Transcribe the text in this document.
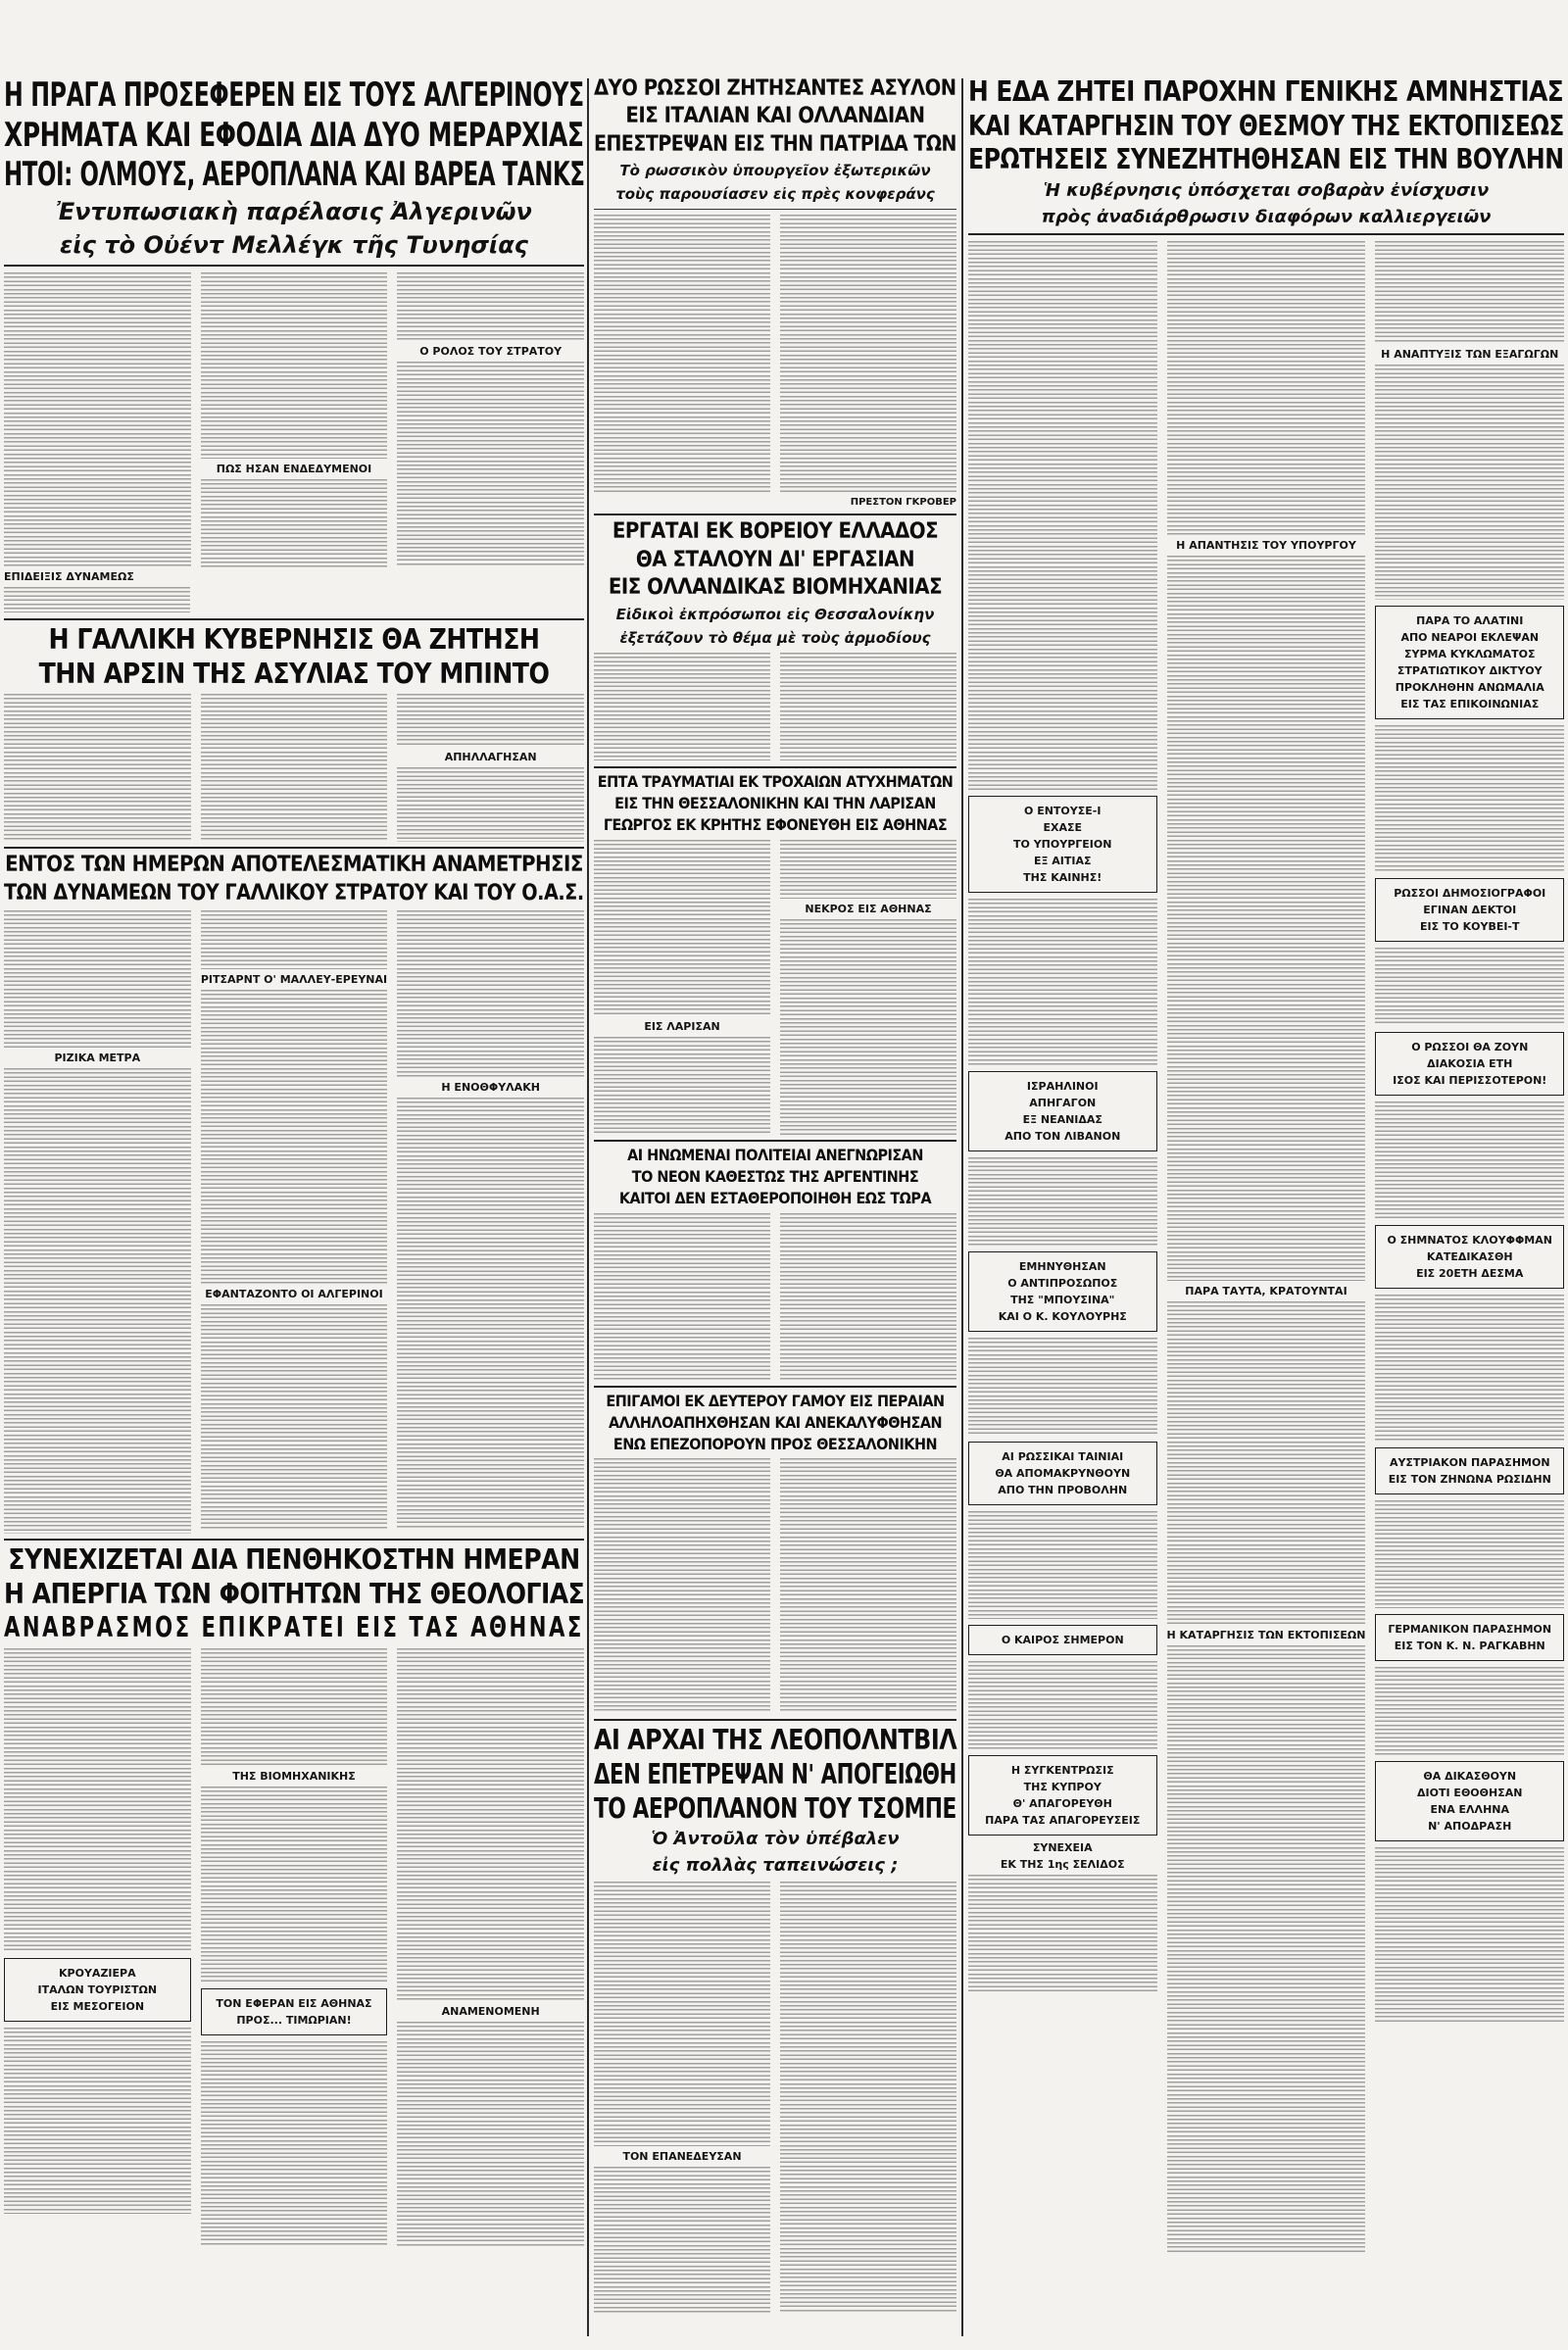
Η ΠΡΑΓΑ ΠΡΟΣΕΦΕΡΕΝ ΕΙΣ ΤΟΥΣ ΑΛΓΕΡΙΝΟΥΣ
ΧΡΗΜΑΤΑ ΚΑΙ ΕΦΟΔΙΑ ΔΙΑ ΔΥΟ ΜΕΡΑΡΧΙΑΣ
ΗΤΟΙ: ΟΛΜΟΥΣ, ΑΕΡΟΠΛΑΝΑ ΚΑΙ ΒΑΡΕΑ ΤΑΝΚΣ
Ἐντυπωσιακὴ παρέλασις Ἀλγερινῶν
εἰς τὸ Οὐέντ Μελλέγκ τῆς Τυνησίας
ΠΩΣ ΗΣΑΝ ΕΝΔΕΔΥΜΕΝΟΙ
Ο ΡΟΛΟΣ ΤΟΥ ΣΤΡΑΤΟΥ
ΕΠΙΔΕΙΞΙΣ ΔΥΝΑΜΕΩΣ
Η ΓΑΛΛΙΚΗ ΚΥΒΕΡΝΗΣΙΣ ΘΑ ΖΗΤΗΣΗ
ΤΗΝ ΑΡΣΙΝ ΤΗΣ ΑΣΥΛΙΑΣ ΤΟΥ ΜΠΙΝΤΟ
ΑΠΗΛΛΑΓΗΣΑΝ
ΕΝΤΟΣ ΤΩΝ ΗΜΕΡΩΝ ΑΠΟΤΕΛΕΣΜΑΤΙΚΗ ΑΝΑΜΕΤΡΗΣΙΣ
ΤΩΝ ΔΥΝΑΜΕΩΝ ΤΟΥ ΓΑΛΛΙΚΟΥ ΣΤΡΑΤΟΥ ΚΑΙ ΤΟΥ Ο.Α.Σ.
ΡΙΖΙΚΑ ΜΕΤΡΑ
ΡΙΤΣΑΡΝΤ Ο' ΜΑΛΛΕΥ-ΕΡΕΥΝΑΙ
ΕΦΑΝΤΑΖΟΝΤΟ ΟΙ ΑΛΓΕΡΙΝΟΙ
Η ΕΝΟΘΦΥΛΑΚΗ
ΣΥΝΕΧΙΖΕΤΑΙ ΔΙΑ ΠΕΝΘΗΚΟΣΤΗΝ ΗΜΕΡΑΝ
Η ΑΠΕΡΓΙΑ ΤΩΝ ΦΟΙΤΗΤΩΝ ΤΗΣ ΘΕΟΛΟΓΙΑΣ
ΑΝΑΒΡΑΣΜΟΣ ΕΠΙΚΡΑΤΕΙ ΕΙΣ ΤΑΣ ΑΘΗΝΑΣ
ΚΡΟΥΑΖΙΕΡΑ
ΙΤΑΛΩΝ ΤΟΥΡΙΣΤΩΝ
ΕΙΣ ΜΕΣΟΓΕΙΟΝ
ΤΗΣ ΒΙΟΜΗΧΑΝΙΚΗΣ
ΤΟΝ ΕΦΕΡΑΝ ΕΙΣ ΑΘΗΝΑΣ
ΠΡΟΣ... ΤΙΜΩΡΙΑΝ!
ΑΝΑΜΕΝΟΜΕΝΗ
ΔΥΟ ΡΩΣΣΟΙ ΖΗΤΗΣΑΝΤΕΣ ΑΣΥΛΟΝ
ΕΙΣ ΙΤΑΛΙΑΝ ΚΑΙ ΟΛΛΑΝΔΙΑΝ
ΕΠΕΣΤΡΕΨΑΝ ΕΙΣ ΤΗΝ ΠΑΤΡΙΔΑ ΤΩΝ
Τὸ ρωσσικὸν ὑπουργεῖον ἐξωτερικῶν
τοὺς παρουσίασεν εἰς πρὲς κονφεράνς
ΠΡΕΣΤΟΝ ΓΚΡΟΒΕΡ
ΕΡΓΑΤΑΙ ΕΚ ΒΟΡΕΙΟΥ ΕΛΛΑΔΟΣ
ΘΑ ΣΤΑΛΟΥΝ ΔΙ' ΕΡΓΑΣΙΑΝ
ΕΙΣ ΟΛΛΑΝΔΙΚΑΣ ΒΙΟΜΗΧΑΝΙΑΣ
Εἰδικοὶ ἐκπρόσωποι εἰς Θεσσαλονίκην
ἐξετάζουν τὸ θέμα μὲ τοὺς ἁρμοδίους
ΕΠΤΑ ΤΡΑΥΜΑΤΙΑΙ ΕΚ ΤΡΟΧΑΙΩΝ ΑΤΥΧΗΜΑΤΩΝ
ΕΙΣ ΤΗΝ ΘΕΣΣΑΛΟΝΙΚΗΝ ΚΑΙ ΤΗΝ ΛΑΡΙΣΑΝ
ΓΕΩΡΓΟΣ ΕΚ ΚΡΗΤΗΣ ΕΦΟΝΕΥΘΗ ΕΙΣ ΑΘΗΝΑΣ
ΕΙΣ ΛΑΡΙΣΑΝ
ΝΕΚΡΟΣ ΕΙΣ ΑΘΗΝΑΣ
ΑΙ ΗΝΩΜΕΝΑΙ ΠΟΛΙΤΕΙΑΙ ΑΝΕΓΝΩΡΙΣΑΝ
ΤΟ ΝΕΟΝ ΚΑΘΕΣΤΩΣ ΤΗΣ ΑΡΓΕΝΤΙΝΗΣ
ΚΑΙΤΟΙ ΔΕΝ ΕΣΤΑΘΕΡΟΠΟΙΗΘΗ ΕΩΣ ΤΩΡΑ
ΕΠΙΓΑΜΟΙ ΕΚ ΔΕΥΤΕΡΟΥ ΓΑΜΟΥ ΕΙΣ ΠΕΡΑΙΑΝ
ΑΛΛΗΛΟΑΠΗΧΘΗΣΑΝ ΚΑΙ ΑΝΕΚΑΛΥΦΘΗΣΑΝ
ΕΝΩ ΕΠΕΖΟΠΟΡΟΥΝ ΠΡΟΣ ΘΕΣΣΑΛΟΝΙΚΗΝ
ΑΙ ΑΡΧΑΙ ΤΗΣ ΛΕΟΠΟΛΝΤΒΙΛ
ΔΕΝ ΕΠΕΤΡΕΨΑΝ Ν' ΑΠΟΓΕΙΩΘΗ
ΤΟ ΑΕΡΟΠΛΑΝΟΝ ΤΟΥ ΤΣΟΜΠΕ
Ὁ Ἀντοῦλα τὸν ὑπέβαλεν
εἰς πολλὰς ταπεινώσεις ;
ΤΟΝ ΕΠΑΝΕΔΕΥΣΑΝ
Η ΕΔΑ ΖΗΤΕΙ ΠΑΡΟΧΗΝ ΓΕΝΙΚΗΣ ΑΜΝΗΣΤΙΑΣ
ΚΑΙ ΚΑΤΑΡΓΗΣΙΝ ΤΟΥ ΘΕΣΜΟΥ ΤΗΣ ΕΚΤΟΠΙΣΕΩΣ
ΕΡΩΤΗΣΕΙΣ ΣΥΝΕΖΗΤΗΘΗΣΑΝ ΕΙΣ ΤΗΝ ΒΟΥΛΗΝ
Ἡ κυβέρνησις ὑπόσχεται σοβαρὰν ἐνίσχυσιν
πρὸς ἀναδιάρθρωσιν διαφόρων καλλιεργειῶν
Ο ΕΝΤΟΥΣΕ-Ι
ΕΧΑΣΕ
ΤΟ ΥΠΟΥΡΓΕΙΟΝ
ΕΞ ΑΙΤΙΑΣ
ΤΗΣ ΚΑΙΝΗΣ!
ΙΣΡΑΗΛΙΝΟΙ
ΑΠΗΓΑΓΟΝ
ΕΞ ΝΕΑΝΙΔΑΣ
ΑΠΟ ΤΟΝ ΛΙΒΑΝΟΝ
ΕΜΗΝΥΘΗΣΑΝ
Ο ΑΝΤΙΠΡΟΣΩΠΟΣ
ΤΗΣ "ΜΠΟΥΣΙΝΑ"
ΚΑΙ Ο Κ. ΚΟΥΛΟΥΡΗΣ
ΑΙ ΡΩΣΣΙΚΑΙ ΤΑΙΝΙΑΙ
ΘΑ ΑΠΟΜΑΚΡΥΝΘΟΥΝ
ΑΠΟ ΤΗΝ ΠΡΟΒΟΛΗΝ
Ο ΚΑΙΡΟΣ ΣΗΜΕΡΟΝ
Η ΣΥΓΚΕΝΤΡΩΣΙΣ
ΤΗΣ ΚΥΠΡΟΥ
Θ' ΑΠΑΓΟΡΕΥΘΗ
ΠΑΡΑ ΤΑΣ ΑΠΑΓΟΡΕΥΣΕΙΣ
ΣΥΝΕΧΕΙΑ
ΕΚ ΤΗΣ 1ης ΣΕΛΙΔΟΣ
Η ΑΠΑΝΤΗΣΙΣ ΤΟΥ ΥΠΟΥΡΓΟΥ
ΠΑΡΑ ΤΑΥΤΑ, ΚΡΑΤΟΥΝΤΑΙ
Η ΚΑΤΑΡΓΗΣΙΣ ΤΩΝ ΕΚΤΟΠΙΣΕΩΝ
Η ΑΝΑΠΤΥΞΙΣ ΤΩΝ ΕΞΑΓΩΓΩΝ
ΠΑΡΑ ΤΟ ΑΛΑΤΙΝΙ
ΑΠΟ ΝΕΑΡΟΙ ΕΚΛΕΨΑΝ
ΣΥΡΜΑ ΚΥΚΛΩΜΑΤΟΣ
ΣΤΡΑΤΙΩΤΙΚΟΥ ΔΙΚΤΥΟΥ
ΠΡΟΚΛΗΘΗΝ ΑΝΩΜΑΛΙΑ
ΕΙΣ ΤΑΣ ΕΠΙΚΟΙΝΩΝΙΑΣ
ΡΩΣΣΟΙ ΔΗΜΟΣΙΟΓΡΑΦΟΙ
ΕΓΙΝΑΝ ΔΕΚΤΟΙ
ΕΙΣ ΤΟ ΚΟΥΒΕΙ-Τ
Ο ΡΩΣΣΟΙ ΘΑ ΖΟΥΝ
ΔΙΑΚΟΣΙΑ ΕΤΗ
ΙΣΟΣ ΚΑΙ ΠΕΡΙΣΣΟΤΕΡΟΝ!
Ο ΣΗΜΝΑΤΟΣ ΚΛΟΥΦΦΜΑΝ
ΚΑΤΕΔΙΚΑΣΘΗ
ΕΙΣ 20ΕΤΗ ΔΕΣΜΑ
ΑΥΣΤΡΙΑΚΟΝ ΠΑΡΑΣΗΜΟΝ
ΕΙΣ ΤΟΝ ΖΗΝΩΝΑ ΡΩΣΙΔΗΝ
ΓΕΡΜΑΝΙΚΟΝ ΠΑΡΑΣΗΜΟΝ
ΕΙΣ ΤΟΝ Κ. Ν. ΡΑΓΚΑΒΗΝ
ΘΑ ΔΙΚΑΣΘΟΥΝ
ΔΙΟΤΙ ΕΘΟΘΗΣΑΝ
ΕΝΑ ΕΛΛΗΝΑ
Ν' ΑΠΟΔΡΑΣΗ
